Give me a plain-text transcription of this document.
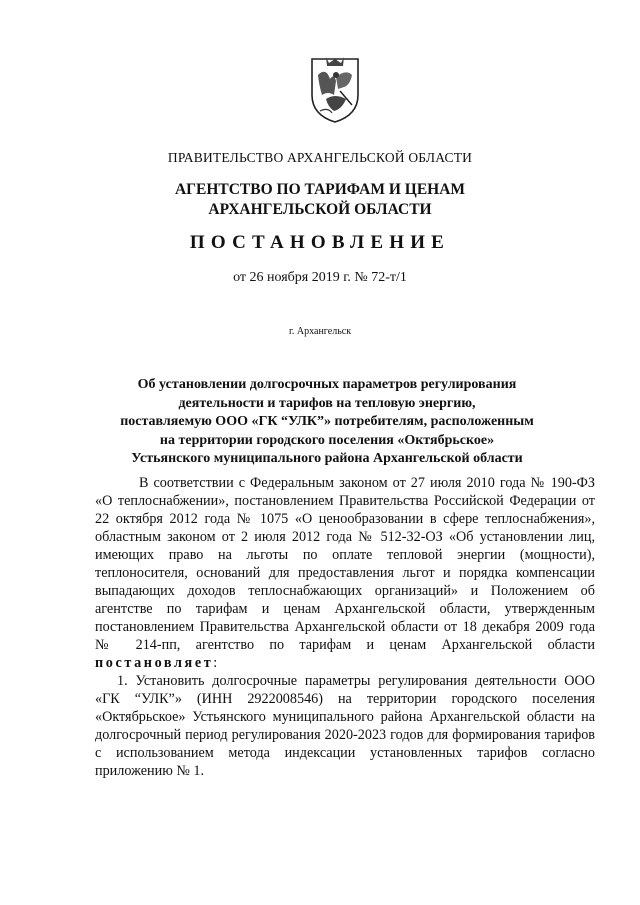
ПРАВИТЕЛЬСТВО АРХАНГЕЛЬСКОЙ ОБЛАСТИ
АГЕНТСТВО ПО ТАРИФАМ И ЦЕНАМ
АРХАНГЕЛЬСКОЙ ОБЛАСТИ
ПОСТАНОВЛЕНИЕ
от 26 ноября 2019 г. № 72-т/1
г. Архангельск
Об установлении долгосрочных параметров регулирования
деятельности и тарифов на тепловую энергию,
поставляемую ООО «ГК “УЛК”» потребителям, расположенным
на территории городского поселения «Октябрьское»
Устьянского муниципального района Архангельской области

В соответствии с Федеральным законом от 27 июля 2010 года № 190-ФЗ «О теплоснабжении», постановлением Правительства Российской Федерации от 22 октября 2012 года № 1075 «О ценообразовании в сфере теплоснабжения», областным законом от 2 июля 2012 года № 512-32-ОЗ «Об установлении лиц, имеющих право на льготы по оплате тепловой энергии (мощности), теплоносителя, оснований для предоставления льгот и порядка компенсации выпадающих доходов теплоснабжающих организаций» и Положением об агентстве по тарифам и ценам Архангельской области, утвержденным постановлением Правительства Архангельской области от 18 декабря 2009 года № 214-пп, агентство по тарифам и ценам Архангельской области постановляет:

1. Установить долгосрочные параметры регулирования деятельности ООО «ГК “УЛК”» (ИНН 2922008546) на территории городского поселения «Октябрьское» Устьянского муниципального района Архангельской области на долгосрочный период регулирования 2020-2023 годов для формирования тарифов с использованием метода индексации установленных тарифов согласно приложению № 1.
